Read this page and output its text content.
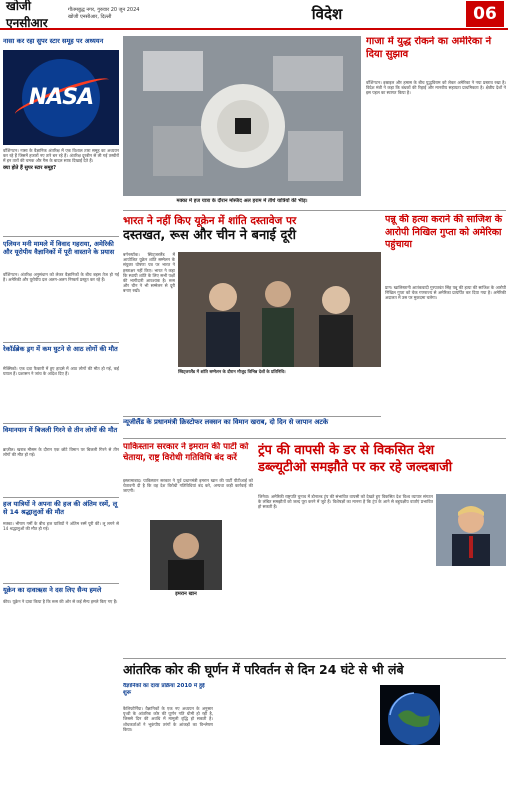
खोजी एनसीआर
गौतमबुद्ध नगर, गुरुवार 20 जून 2024
खोजी एनसीआर, दिल्ली	विदेश	06
नासा कर रहा सुपर स्टार समूह पर अध्ययन
NASA
वॉशिंगटन। नासा के वैज्ञानिक अंतरिक्ष में एक विशाल तारा समूह का अध्ययन कर रहे हैं जिसमें हजारों नए तारे बन रहे हैं। अंतरिक्ष दूरबीन से ली गई तस्वीरों में इन तारों की चमक और गैस के बादल साफ दिखाई देते हैं।
क्या होते हैं सुपर स्टार समूह?
एलियन मनी मामले में विवाद गहराया, अमेरिकी और यूरोपीय वैज्ञानिकों में पूरी वास्ताने के प्रयास
वॉशिंगटन। अंतरिक्ष अनुसंधान को लेकर वैज्ञानिकों के बीच बहस तेज हो गई है। अमेरिकी और यूरोपीय दल अलग-अलग निष्कर्ष प्रस्तुत कर रहे हैं।
रेकॉर्डब्रेक ड्रग में कम घुटने से आठ लोगों की मौत
मेक्सिको। एक दवा फैक्टरी में हुए हादसे में आठ लोगों की मौत हो गई, कई घायल हैं। प्रशासन ने जांच के आदेश दिए हैं।
विमानयान में बिजली गिरने से तीन लोगों की मौत
ब्राज़ील। खराब मौसम के दौरान एक छोटे विमान पर बिजली गिरने से तीन लोगों की मौत हो गई।
हज यात्रियों ने अपना की हज की अंतिम रस्में, लू से 14 श्रद्धालुओं की मौत
मक्का। भीषण गर्मी के बीच हज यात्रियों ने अंतिम रस्में पूरी कीं। लू लगने से 14 श्रद्धालुओं की मौत हो गई।
यूक्रेन का दावाऋस ने दस लिए सैन्य हमले
कीव। यूक्रेन ने दावा किया है कि रूस की ओर से कई सैन्य हमले किए गए हैं।
मक्का में हज यात्रा के दौरान मस्जिद अल हराम में तीर्थ यात्रियों की भीड़।
गाजा में युद्ध रोकने का अमेरिका ने दिया सुझाव
वॉशिंगटन। इस्राइल और हमास के बीच युद्धविराम को लेकर अमेरिका ने नया प्रस्ताव रखा है। विदेश मंत्री ने कहा कि बंधकों की रिहाई और मानवीय सहायता प्राथमिकता है। क्षेत्रीय देशों ने इस पहल का स्वागत किया है।
भारत ने नहीं किए यूक्रेन में शांति दस्तावेज पर
दस्तखत, रूस और चीन ने बनाई दूरी
बर्गनस्टॉक। स्विट्जरलैंड में आयोजित यूक्रेन शांति सम्मेलन के संयुक्त घोषणा पत्र पर भारत ने हस्ताक्षर नहीं किए। भारत ने कहा कि स्थायी शांति के लिए सभी पक्षों की भागीदारी आवश्यक है। रूस और चीन ने भी सम्मेलन से दूरी बनाए रखी।
स्विट्जरलैंड में शांति सम्मेलन के दौरान मौजूद विभिन्न देशों के प्रतिनिधि।
पन्नू की हत्या कराने की साजिश के आरोपी निखिल गुप्ता को अमेरिका पहुंचाया
प्राग। खालिस्तानी आतंकवादी गुरपतवंत सिंह पन्नू की हत्या की साजिश के आरोपी निखिल गुप्ता को चेक गणराज्य से अमेरिका प्रत्यर्पित कर दिया गया है। अमेरिकी अदालत में उस पर मुकदमा चलेगा।
न्यूजीलैंड के प्रधानमंत्री क्रिस्टोफर लक्सन का विमान खराब, दो दिन से जापान अटके
पाकिस्तान सरकार ने इमरान की पार्टी को चेताया, राष्ट्र विरोधी गतिविधि बंद करें
इस्लामाबाद। पाकिस्तान सरकार ने पूर्व प्रधानमंत्री इमरान खान की पार्टी पीटीआई को चेतावनी दी है कि वह देश विरोधी गतिविधियां बंद करे, अन्यथा कड़ी कार्रवाई की जाएगी।
इमरान खान
ट्रंप की वापसी के डर से विकसित देश
डब्ल्यूटीओ समझौते पर कर रहे जल्दबाजी
जिनेवा। अमेरिकी राष्ट्रपति चुनाव में डोनाल्ड ट्रंप की संभावित वापसी को देखते हुए विकसित देश विश्व व्यापार संगठन के लंबित समझौतों को जल्द पूरा करने में जुटे हैं। विशेषज्ञों का मानना है कि ट्रंप के आने से बहुपक्षीय वार्ताएं प्रभावित हो सकती हैं।
आंतरिक कोर की घूर्णन में परिवर्तन से दिन 24 घंटे से भी लंबे
वैज्ञानिकों का दावा प्रक्रिया 2010 में हुई शुरू
कैलिफोर्निया। वैज्ञानिकों के एक नए अध्ययन के अनुसार पृथ्वी के आंतरिक कोर की घूर्णन गति धीमी हो रही है, जिससे दिन की अवधि में मामूली वृद्धि हो सकती है। शोधकर्ताओं ने भूकंपीय तरंगों के आंकड़ों का विश्लेषण किया।
